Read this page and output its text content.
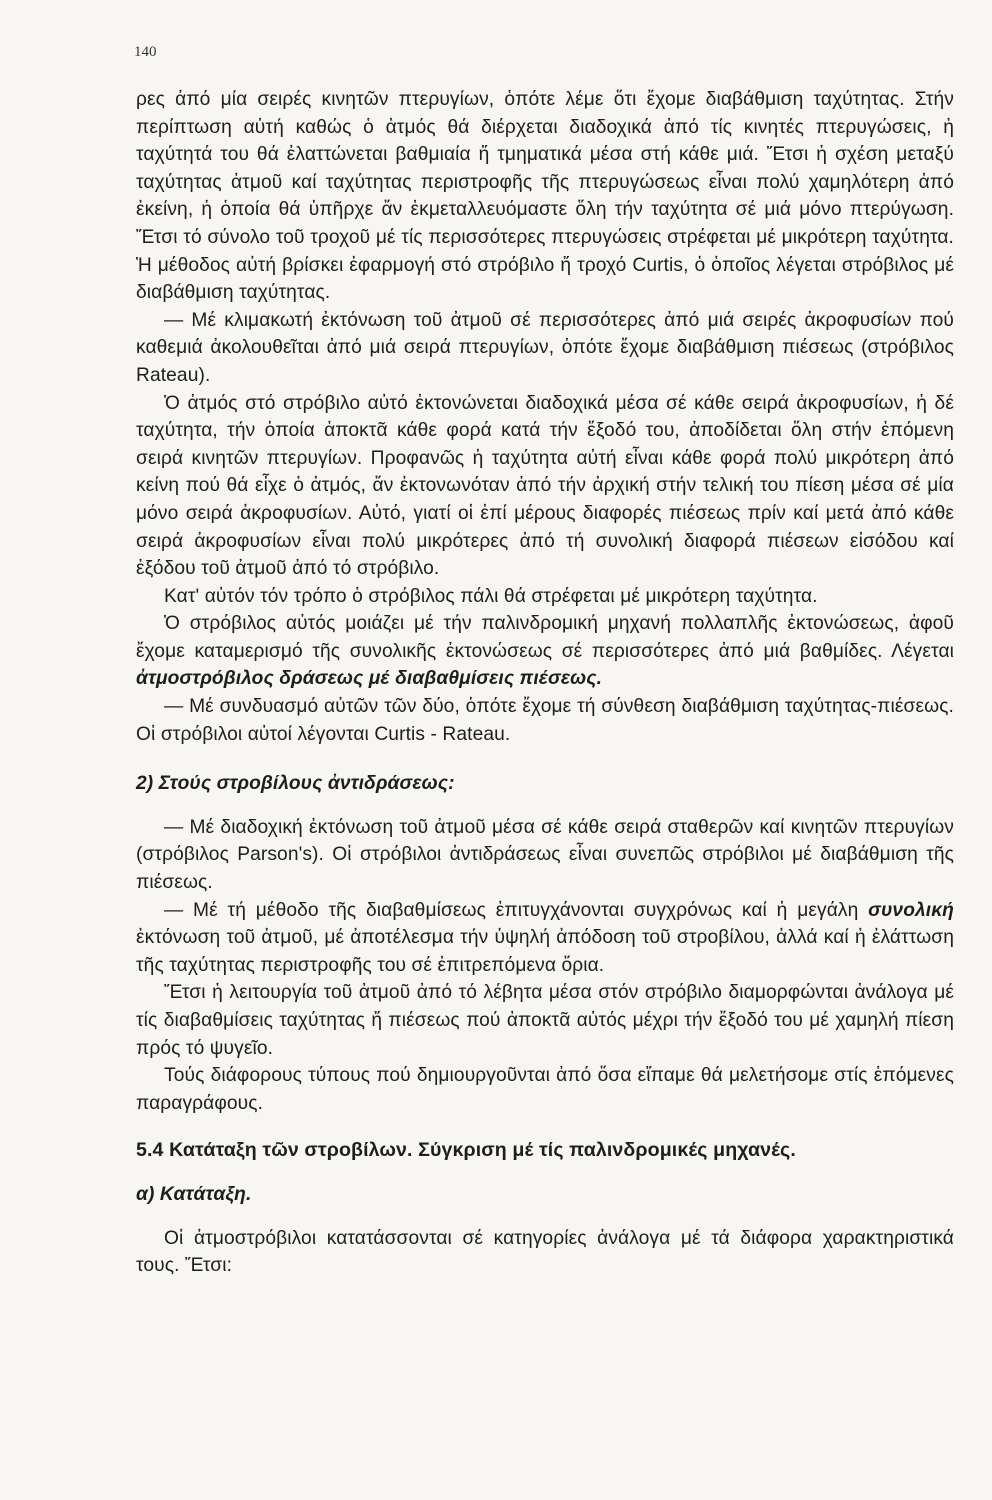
140

ρες ἀπό μία σειρές κινητῶν πτερυγίων, ὁπότε λέμε ὅτι ἔχομε διαβάθμιση ταχύτητας. Στήν περίπτωση αὐτή καθώς ὁ ἀτμός θά διέρχεται διαδοχικά ἀπό τίς κινητές πτερυγώσεις, ἡ ταχύτητά του θά ἐλαττώνεται βαθμιαία ἤ τμηματικά μέσα στή κάθε μιά. Ἔτσι ἡ σχέση μεταξύ ταχύτητας ἀτμοῦ καί ταχύτητας περιστροφῆς τῆς πτερυγώσεως εἶναι πολύ χαμηλότερη ἀπό ἐκείνη, ἡ ὁποία θά ὑπῆρχε ἄν ἐκμεταλλευόμαστε ὅλη τήν ταχύτητα σέ μιά μόνο πτερύγωση. Ἔτσι τό σύνολο τοῦ τροχοῦ μέ τίς περισσότερες πτερυγώσεις στρέφεται μέ μικρότερη ταχύτητα. Ἡ μέθοδος αὐτή βρίσκει ἐφαρμογή στό στρόβιλο ἤ τροχό Curtis, ὁ ὁποῖος λέγεται στρόβιλος μέ διαβάθμιση ταχύτητας.

— Μέ κλιμακωτή ἐκτόνωση τοῦ ἀτμοῦ σέ περισσότερες ἀπό μιά σειρές ἀκροφυσίων πού καθεμιά ἀκολουθεῖται ἀπό μιά σειρά πτερυγίων, ὁπότε ἔχομε διαβάθμιση πιέσεως (στρόβιλος Rateau).

Ὁ ἀτμός στό στρόβιλο αὐτό ἐκτονώνεται διαδοχικά μέσα σέ κάθε σειρά ἀκροφυσίων, ἡ δέ ταχύτητα, τήν ὁποία ἀποκτᾶ κάθε φορά κατά τήν ἔξοδό του, ἀποδίδεται ὅλη στήν ἑπόμενη σειρά κινητῶν πτερυγίων. Προφανῶς ἡ ταχύτητα αὐτή εἶναι κάθε φορά πολύ μικρότερη ἀπό κείνη πού θά εἶχε ὁ ἀτμός, ἄν ἐκτονωνόταν ἀπό τήν ἀρχική στήν τελική του πίεση μέσα σέ μία μόνο σειρά ἀκροφυσίων. Αὐτό, γιατί οἱ ἐπί μέρους διαφορές πιέσεως πρίν καί μετά ἀπό κάθε σειρά ἀκροφυσίων εἶναι πολύ μικρότερες ἀπό τή συνολική διαφορά πιέσεων εἰσόδου καί ἐξόδου τοῦ ἀτμοῦ ἀπό τό στρόβιλο.

Κατ' αὐτόν τόν τρόπο ὁ στρόβιλος πάλι θά στρέφεται μέ μικρότερη ταχύτητα.

Ὁ στρόβιλος αὐτός μοιάζει μέ τήν παλινδρομική μηχανή πολλαπλῆς ἐκτονώσεως, ἀφοῦ ἔχομε καταμερισμό τῆς συνολικῆς ἐκτονώσεως σέ περισσότερες ἀπό μιά βαθμίδες. Λέγεται ἀτμοστρόβιλος δράσεως μέ διαβαθμίσεις πιέσεως.

— Μέ συνδυασμό αὐτῶν τῶν δύο, ὁπότε ἔχομε τή σύνθεση διαβάθμιση ταχύτητας-πιέσεως. Οἱ στρόβιλοι αὐτοί λέγονται Curtis - Rateau.

2) Στούς στροβίλους ἀντιδράσεως:

— Μέ διαδοχική ἐκτόνωση τοῦ ἀτμοῦ μέσα σέ κάθε σειρά σταθερῶν καί κινητῶν πτερυγίων (στρόβιλος Parson's). Οἱ στρόβιλοι ἀντιδράσεως εἶναι συνεπῶς στρόβιλοι μέ διαβάθμιση τῆς πιέσεως.

— Μέ τή μέθοδο τῆς διαβαθμίσεως ἐπιτυγχάνονται συγχρόνως καί ἡ μεγάλη συνολική ἐκτόνωση τοῦ ἀτμοῦ, μέ ἀποτέλεσμα τήν ὑψηλή ἀπόδοση τοῦ στροβίλου, ἀλλά καί ἡ ἐλάττωση τῆς ταχύτητας περιστροφῆς του σέ ἐπιτρεπόμενα ὅρια.

Ἔτσι ἡ λειτουργία τοῦ ἀτμοῦ ἀπό τό λέβητα μέσα στόν στρόβιλο διαμορφώνται ἀνάλογα μέ τίς διαβαθμίσεις ταχύτητας ἤ πιέσεως πού ἀποκτᾶ αὐτός μέχρι τήν ἔξοδό του μέ χαμηλή πίεση πρός τό ψυγεῖο.

Τούς διάφορους τύπους πού δημιουργοῦνται ἀπό ὅσα εἴπαμε θά μελετήσομε στίς ἑπόμενες παραγράφους.

5.4 Κατάταξη τῶν στροβίλων. Σύγκριση μέ τίς παλινδρομικές μηχανές.

α) Κατάταξη.

Οἱ ἀτμοστρόβιλοι κατατάσσονται σέ κατηγορίες ἀνάλογα μέ τά διάφορα χαρακτηριστικά τους. Ἔτσι:
